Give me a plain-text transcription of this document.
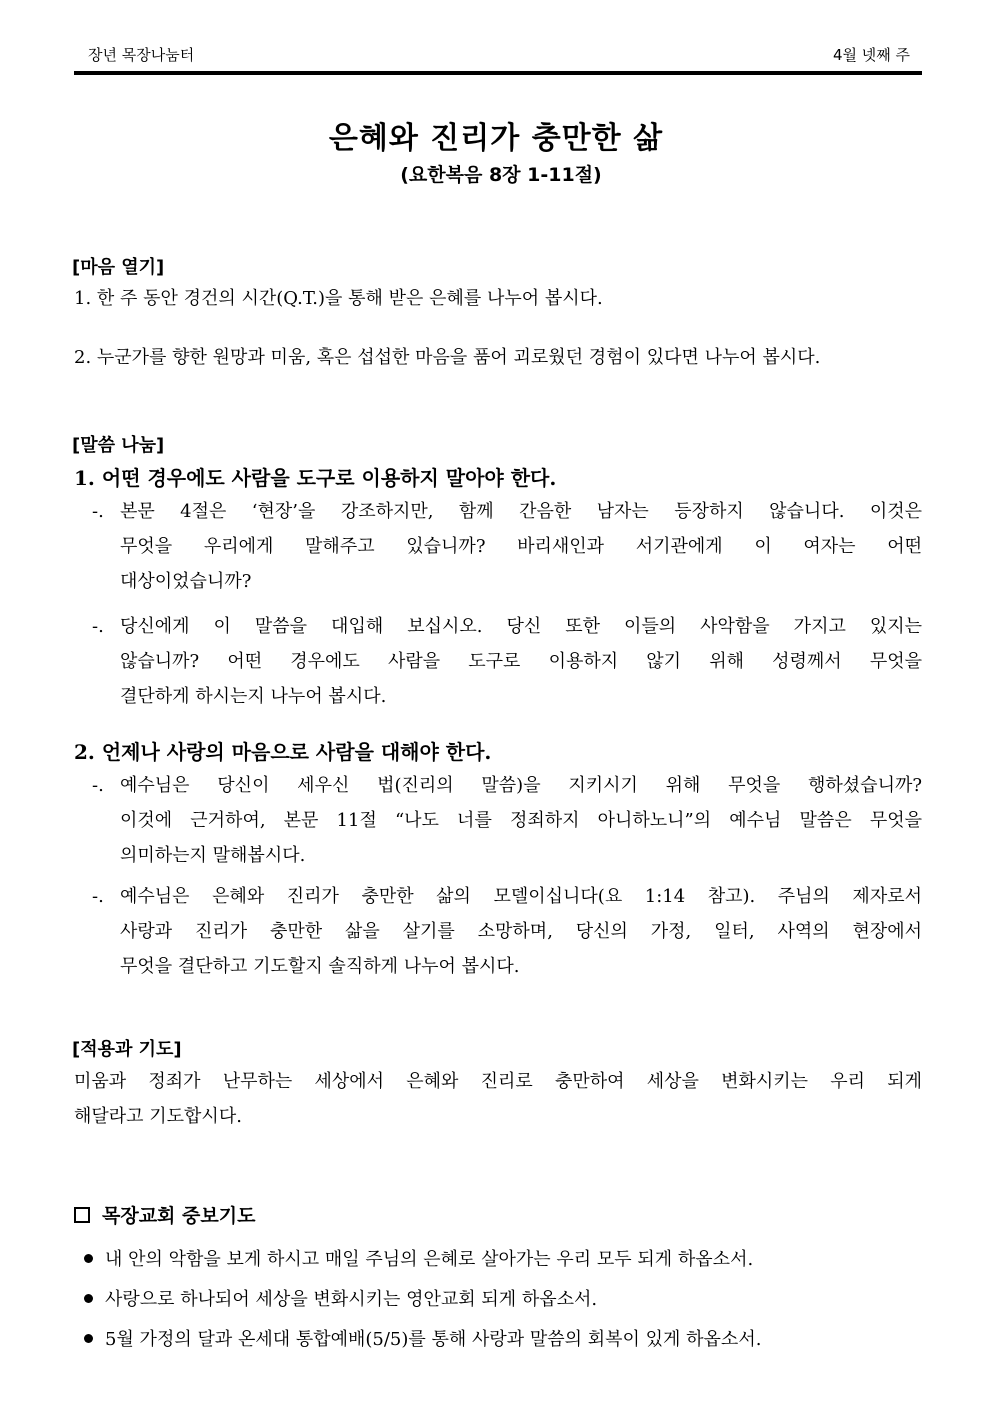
장년 목장나눔터	4월 넷째 주
은혜와 진리가 충만한 삶
(요한복음 8장 1-11절)
[마음 열기]
1. 한 주 동안 경건의 시간(Q.T.)을 통해 받은 은혜를 나누어 봅시다.
2. 누군가를 향한 원망과 미움, 혹은 섭섭한 마음을 품어 괴로웠던 경험이 있다면 나누어 봅시다.
[말씀 나눔]
1. 어떤 경우에도 사람을 도구로 이용하지 말아야 한다.
-. 본문 4절은 ‘현장’을 강조하지만, 함께 간음한 남자는 등장하지 않습니다. 이것은
무엇을 우리에게 말해주고 있습니까? 바리새인과 서기관에게 이 여자는 어떤
대상이었습니까?
-. 당신에게 이 말씀을 대입해 보십시오. 당신 또한 이들의 사악함을 가지고 있지는
않습니까? 어떤 경우에도 사람을 도구로 이용하지 않기 위해 성령께서 무엇을
결단하게 하시는지 나누어 봅시다.
2. 언제나 사랑의 마음으로 사람을 대해야 한다.
-. 예수님은 당신이 세우신 법(진리의 말씀)을 지키시기 위해 무엇을 행하셨습니까?
이것에 근거하여, 본문 11절 “나도 너를 정죄하지 아니하노니”의 예수님 말씀은 무엇을
의미하는지 말해봅시다.
-. 예수님은 은혜와 진리가 충만한 삶의 모델이십니다(요 1:14 참고). 주님의 제자로서
사랑과 진리가 충만한 삶을 살기를 소망하며, 당신의 가정, 일터, 사역의 현장에서
무엇을 결단하고 기도할지 솔직하게 나누어 봅시다.
[적용과 기도]
미움과 정죄가 난무하는 세상에서 은혜와 진리로 충만하여 세상을 변화시키는 우리 되게
해달라고 기도합시다.
목장교회 중보기도
내 안의 악함을 보게 하시고 매일 주님의 은혜로 살아가는 우리 모두 되게 하옵소서.
사랑으로 하나되어 세상을 변화시키는 영안교회 되게 하옵소서.
5월 가정의 달과 온세대 통합예배(5/5)를 통해 사랑과 말씀의 회복이 있게 하옵소서.
